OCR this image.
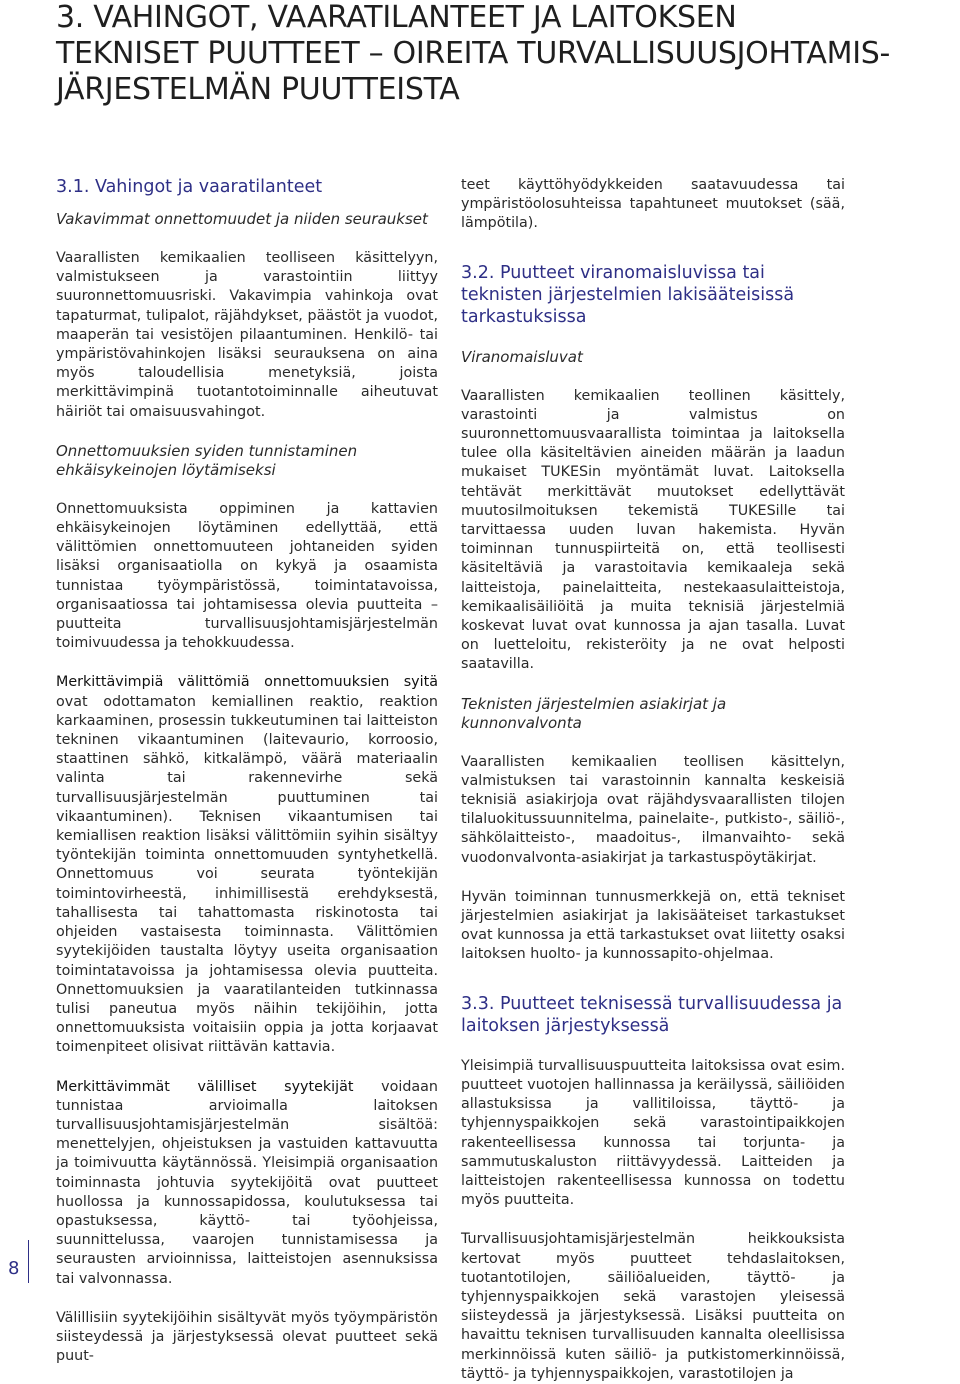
3. VAHINGOT, VAARATILANTEET JA LAITOKSEN
TEKNISET PUUTTEET – OIREITA TURVALLISUUSJOHTAMIS-
JÄRJESTELMÄN PUUTTEISTA
3.1. Vahingot ja vaaratilanteet
Vakavimmat onnettomuudet ja niiden seuraukset

Vaarallisten kemikaalien teolliseen käsittelyyn, valmistukseen ja varastointiin liittyy suuronnettomuusriski. Vakavimpia vahinkoja ovat tapaturmat, tulipalot, räjähdykset, päästöt ja vuodot, maaperän tai vesistöjen pilaantuminen. Henkilö- tai ympäristövahinkojen lisäksi seurauksena on aina myös taloudellisia menetyksiä, joista merkittävimpinä tuotantotoiminnalle aiheutuvat häiriöt tai omaisuusvahingot.

Onnettomuuksien syiden tunnistaminen ehkäisykeinojen löytämiseksi

Onnettomuuksista oppiminen ja kattavien ehkäisykeinojen löytäminen edellyttää, että välittömien onnettomuuteen johtaneiden syiden lisäksi organisaatiolla on kykyä ja osaamista tunnistaa työympäristössä, toimintatavoissa, organisaatiossa tai johtamisessa olevia puutteita – puutteita turvallisuusjohtamisjärjestelmän toimivuudessa ja tehokkuudessa.

Merkittävimpiä välittömiä onnettomuuksien syitä ovat odottamaton kemiallinen reaktio, reaktion karkaaminen, prosessin tukkeutuminen tai laitteiston tekninen vikaantuminen (laitevaurio, korroosio, staattinen sähkö, kitkalämpö, väärä materiaalin valinta tai rakennevirhe sekä turvallisuusjärjestelmän puuttuminen tai vikaantuminen). Teknisen vikaantumisen tai kemiallisen reaktion lisäksi välittömiin syihin sisältyy työntekijän toiminta onnettomuuden syntyhetkellä. Onnettomuus voi seurata työntekijän toimintovirheestä, inhimillisestä erehdyksestä, tahallisesta tai tahattomasta riskinotosta tai ohjeiden vastaisesta toiminnasta. Välittömien syytekijöiden taustalta löytyy useita organisaation toimintatavoissa ja johtamisessa olevia puutteita. Onnettomuuksien ja vaaratilanteiden tutkinnassa tulisi paneutua myös näihin tekijöihin, jotta onnettomuuksista voitaisiin oppia ja jotta korjaavat toimenpiteet olisivat riittävän kattavia.

Merkittävimmät välilliset syytekijät voidaan tunnistaa arvioimalla laitoksen turvallisuusjohtamisjärjestelmän sisältöä: menettelyjen, ohjeistuksen ja vastuiden kattavuutta ja toimivuutta käytännössä. Yleisimpiä organisaation toiminnasta johtuvia syytekijöitä ovat puutteet huollossa ja kunnossapidossa, koulutuksessa tai opastuksessa, käyttö- tai työohjeissa, suunnittelussa, vaarojen tunnistamisessa ja seurausten arvioinnissa, laitteistojen asennuksissa tai valvonnassa.

Välillisiin syytekijöihin sisältyvät myös työympäristön siisteydessä ja järjestyksessä olevat puutteet sekä puut-

teet käyttöhyödykkeiden saatavuudessa tai ympäristöolosuhteissa tapahtuneet muutokset (sää, lämpötila).

3.2. Puutteet viranomaisluvissa tai teknisten järjestelmien lakisääteisissä tarkastuksissa
Viranomaisluvat

Vaarallisten kemikaalien teollinen käsittely, varastointi ja valmistus on suuronnettomuusvaarallista toimintaa ja laitoksella tulee olla käsiteltävien aineiden määrän ja laadun mukaiset TUKESin myöntämät luvat. Laitoksella tehtävät merkittävät muutokset edellyttävät muutosilmoituksen tekemistä TUKESille tai tarvittaessa uuden luvan hakemista. Hyvän toiminnan tunnuspiirteitä on, että teollisesti käsiteltäviä ja varastoitavia kemikaaleja sekä laitteistoja, painelaitteita, nestekaasulaitteistoja, kemikaalisäiliöitä ja muita teknisiä järjestelmiä koskevat luvat ovat kunnossa ja ajan tasalla. Luvat on luetteloitu, rekisteröity ja ne ovat helposti saatavilla.

Teknisten järjestelmien asiakirjat ja kunnonvalvonta

Vaarallisten kemikaalien teollisen käsittelyn, valmistuksen tai varastoinnin kannalta keskeisiä teknisiä asiakirjoja ovat räjähdysvaarallisten tilojen tilaluokitussuunnitelma, painelaite-, putkisto-, säiliö-, sähkölaitteisto-, maadoitus-, ilmanvaihto- sekä vuodonvalvonta-asiakirjat ja tarkastuspöytäkirjat.

Hyvän toiminnan tunnusmerkkejä on, että tekniset järjestelmien asiakirjat ja lakisääteiset tarkastukset ovat kunnossa ja että tarkastukset ovat liitetty osaksi laitoksen huolto- ja kunnossapito-ohjelmaa.

3.3. Puutteet teknisessä turvallisuudessa ja laitoksen järjestyksessä

Yleisimpiä turvallisuuspuutteita laitoksissa ovat esim. puutteet vuotojen hallinnassa ja keräilyssä, säiliöiden allastuksissa ja vallitiloissa, täyttö- ja tyhjennyspaikkojen sekä varastointipaikkojen rakenteellisessa kunnossa tai torjunta- ja sammutuskaluston riittävyydessä. Laitteiden ja laitteistojen rakenteellisessa kunnossa on todettu myös puutteita.

Turvallisuusjohtamisjärjestelmän heikkouksista kertovat myös puutteet tehdaslaitoksen, tuotantotilojen, säiliöalueiden, täyttö- ja tyhjennyspaikkojen sekä varastojen yleisessä siisteydessä ja järjestyksessä. Lisäksi puutteita on havaittu teknisen turvallisuuden kannalta oleellisissa merkinnöissä kuten säiliö- ja putkistomerkinnöissä, täyttö- ja tyhjennyspaikkojen, varastotilojen ja

8
